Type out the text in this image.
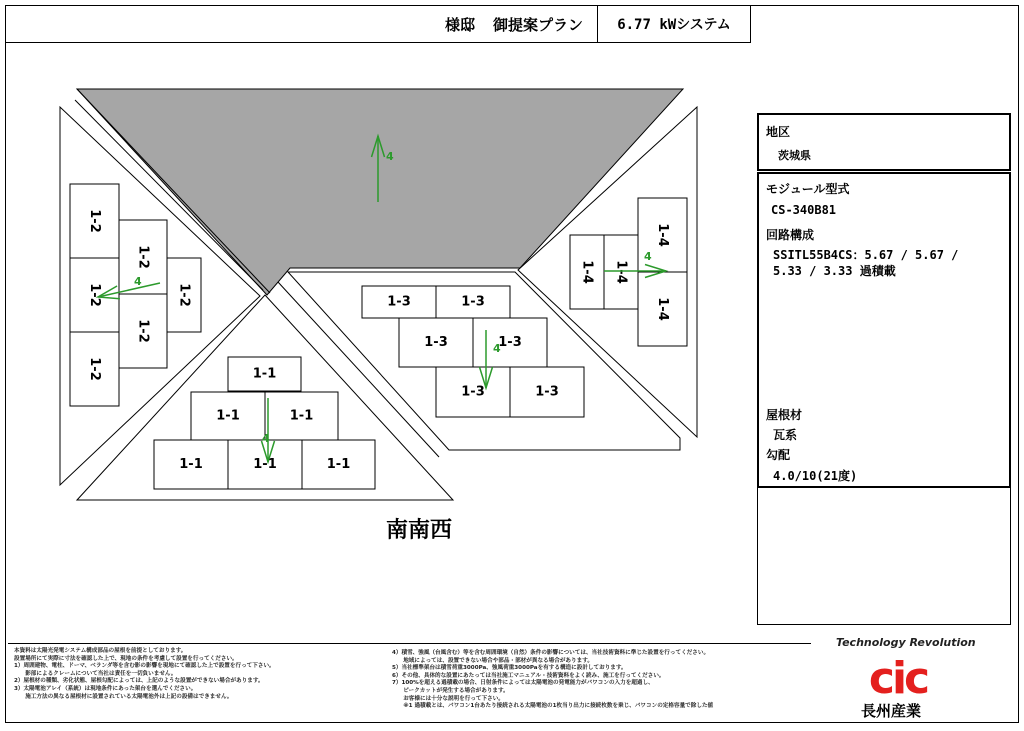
様邸 御提案プラン 6.77 kWシステム
1-1
1-1	1-1
1-1	1-1	1-1
1-2
1-2
1-2
1-2
1-2
1-2	1-3	1-3
1-3	1-3
1-3	1-3
1-4 1-4
1-4
1-4
4
4
4
4
4
南南西
地区
茨城県
モジュール型式
CS-340B81
回路構成
SSITL55B4CS：5.67 / 5.67 /
5.33 / 3.33 過積載
屋根材
瓦系
勾配
4.0/10(21度)
本資料は太陽光発電システム構成部品の屋根を前提としております。
設置場所にて実際に寸法を確認した上で、現地の条件を考慮して設置を行ってください。
1）周囲建物、電柱、ドーマ、ベランダ等を含む影の影響を現地にて確認した上で設置を行って下さい。
　　影部によるクレームについて当社は責任を一切負いません。
2）屋根材の種類、劣化状態、屋根勾配によっては、上記のような設置ができない場合があります。
3）太陽電池アレイ（系統）は現地条件にあった架台を選んでください。
　　施工方法の異なる屋根材に設置されている太陽電池外は上記の設備はできません。
4）積雪、強風（台風含む）等を含む周囲環境（自然）条件の影響については、当社技術資料に準じた設置を行ってください。
　　地域によっては、設置できない場合や部品・部材が異なる場合があります。
5）当社標準架台は積雪荷重3000Pa、強風荷重3000Paを有する構造に設計しております。
6）その他、具体的な設置にあたっては当社施工マニュアル・技術資料をよく読み、施工を行ってください。
7）100%を超える過積載の場合、日射条件によっては太陽電池の発電能力がパワコンの入力を超過し、
　　ピークカットが発生する場合があります。
　　お客様には十分な説明を行って下さい。
　　※1 過積載とは、パワコン1台あたり接続される太陽電池の1枚当り出力に接続枚数を乗じ、パワコンの定格容量で除した値
Technology Revolution
cic
長州産業
